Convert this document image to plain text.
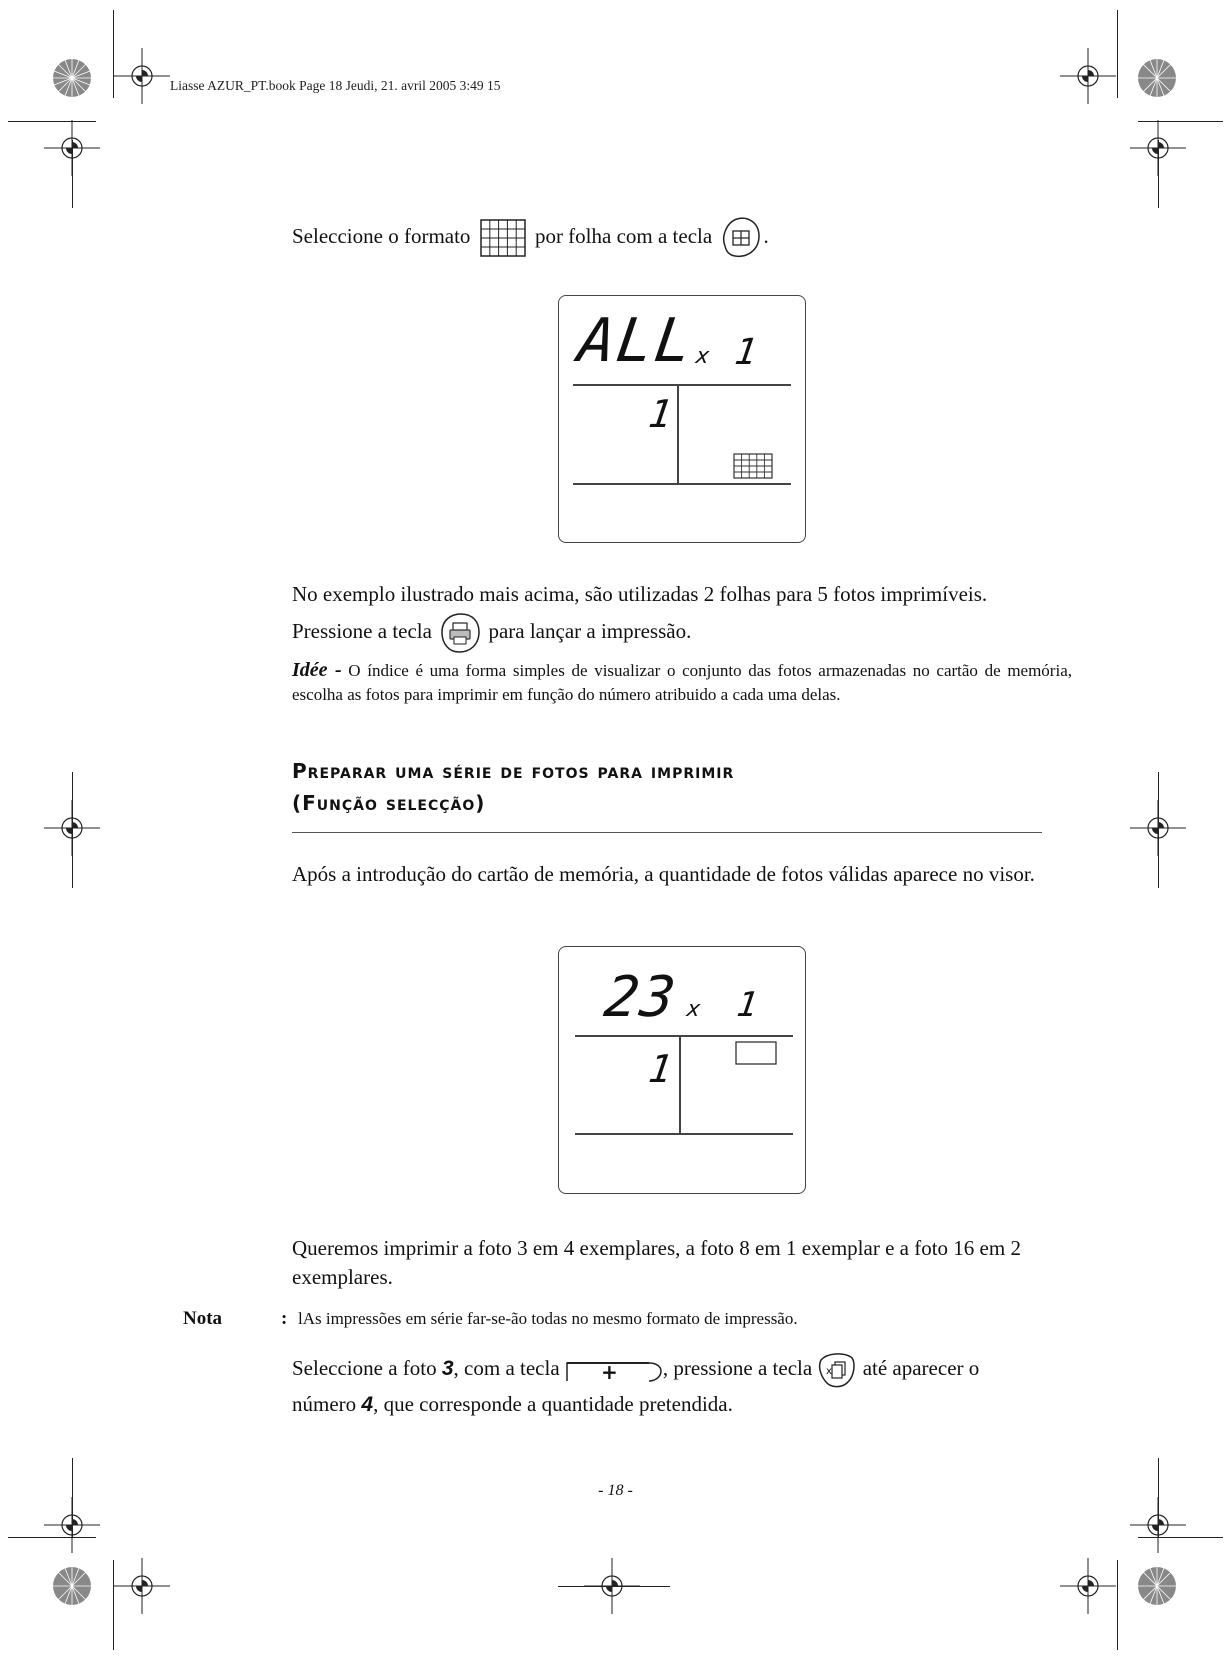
Liasse AZUR_PT.book Page 18 Jeudi, 21. avril 2005 3:49 15
Seleccione o formato	por folha com a tecla .
ALL
x 1
1
No exemplo ilustrado mais acima, são utilizadas 2 folhas para 5 fotos imprimíveis.
Pressione a tecla	para lançar a impressão.
Idée - O índice é uma forma simples de visualizar o conjunto das fotos armazenadas no cartão de memória, escolha as fotos para imprimir em função do número atribuido a cada uma delas.
Preparar uma série de fotos para imprimir
(Função selecção)
Após a introdução do cartão de memória, a quantidade de fotos válidas aparece no visor.
23 x 1
1
Queremos imprimir a foto 3 em 4 exemplares, a foto 8 em 1 exemplar e a foto 16 em 2 exemplares.
Nota	: lAs impressões em série far-se-ão todas no mesmo formato de impressão.
Seleccione a foto 3, com a tecla + , pressione a tecla x até aparecer o
número 4, que corresponde a quantidade pretendida.
- 18 -
